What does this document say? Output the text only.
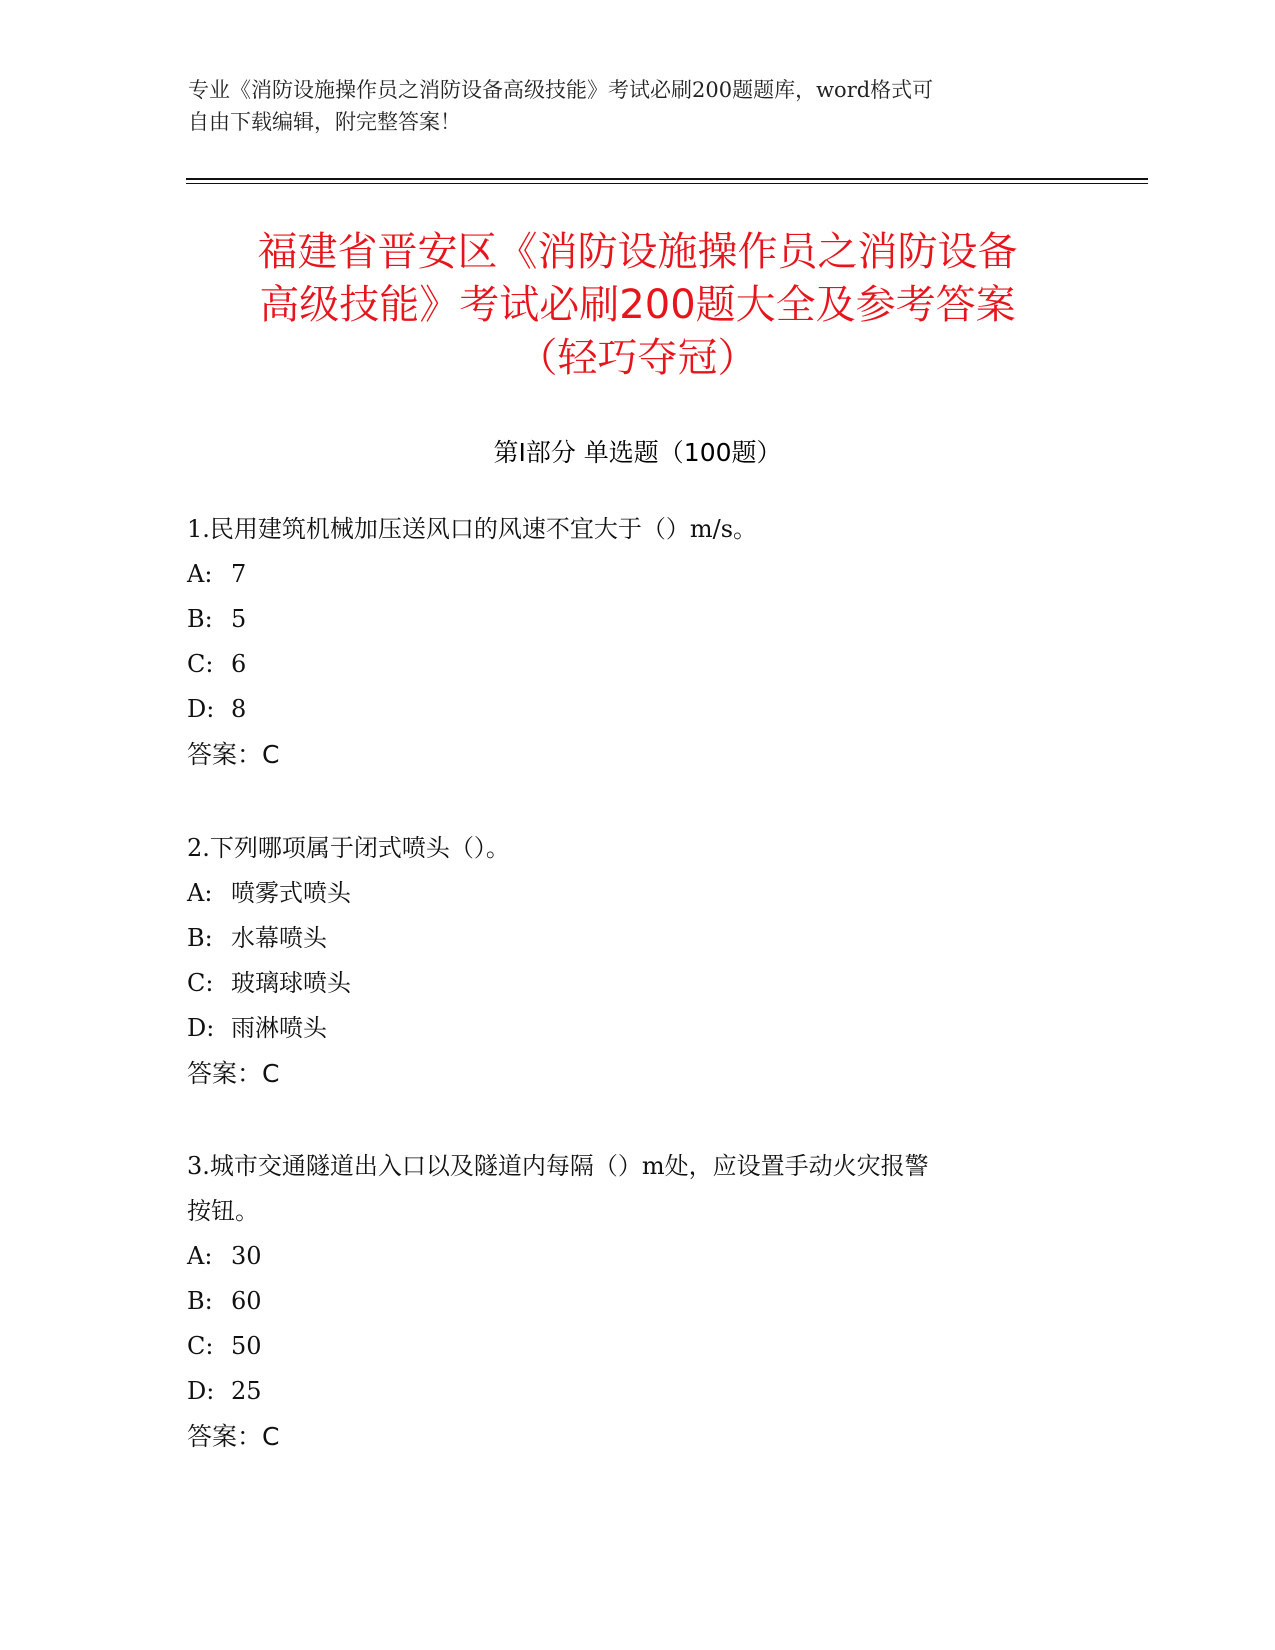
专业《消防设施操作员之消防设备高级技能》考试必刷200题题库，word格式可
自由下载编辑，附完整答案！
福建省晋安区《消防设施操作员之消防设备
高级技能》考试必刷200题大全及参考答案
（轻巧夺冠）
第Ⅰ部分 单选题（100题）

1.民用建筑机械加压送风口的风速不宜大于（）m/s。

A: 7

B: 5

C: 6

D: 8

答案：C

2.下列哪项属于闭式喷头（）。

A: 喷雾式喷头

B: 水幕喷头

C: 玻璃球喷头

D: 雨淋喷头

答案：C

3.城市交通隧道出入口以及隧道内每隔（）m处，应设置手动火灾报警

按钮。

A: 30

B: 60

C: 50

D: 25

答案：C
